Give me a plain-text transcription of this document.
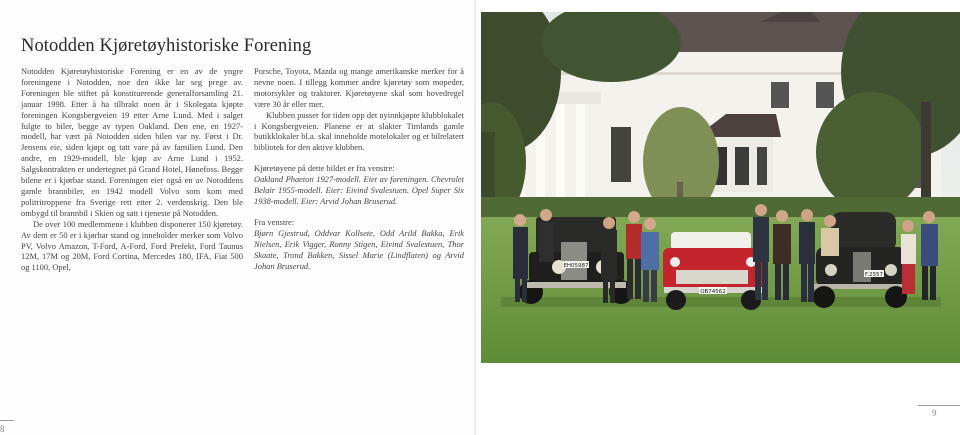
Notodden Kjøretøyhistoriske Forening

Notodden Kjøretøyhistoriske Forening er en av de yngre foreningene i Notodden, noe den ikke lar seg prege av. Foreningen ble stiftet på konstituerende generalforsamling 21. januar 1998. Etter å ha tilbrakt noen år i Skolegata kjøpte foreningen Kongsbergveien 19 etter Arne Lund. Med i salget fulgte to biler, begge av typen Oakland. Den ene, en 1927-modell, har vært på Notodden siden bilen var ny. Først i Dr. Jensens eie, siden kjøpt og tatt vare på av familien Lund. Den andre, en 1929-modell, ble kjøp av Arne Lund i 1952. Salgskontrakten er undertegnet på Grand Hotel, Hønefoss. Begge bilene er i kjørbar stand. Foreningen eier også en av Notoddens gamle brannbiler, en 1942 modell Volvo som kom med politritroppene fra Sverige rett etter 2. verdenskrig. Den ble ombygd til brannbil i Skien og satt i tjeneste på Notodden.

De over 100 medlemmene i klubben disponerer 150 kjøretøy. Av dem er 50 er i kjørbar stand og inneholder merker som Volvo PV, Volvo Amazon, T-Ford, A-Ford, Ford Prefekt, Ford Taunus 12M, 17M og 20M, Ford Cortina, Mercedes 180, IFA, Fiat 500 og 1100, Opel,

Porsche, Toyota, Mazda og mange amerikanske merker for å nevne noen. I tillegg kommer andre kjøretøy som mopeder, motorsykler og traktorer. Kjøretøyene skal som hovedregel være 30 år eller mer.

Klubben pusser for tiden opp det nyinnkjøpte klubblokalet i Kongsbergveien. Planene er at slakter Timlands gamle butikklokaler bl.a. skal inneholde motelokaler og et bilrelatert bibliotek for den aktive klubben.

Kjøretøyene på dette bildet er fra venstre:

Oakland Phaeton 1927-modell. Eiet av foreningen. Chevrolet Belair 1955-modell. Eier: Eivind Svalestuen. Opel Super Six 1938-modell. Eier: Arvid Johan Bruserud.

Fra venstre:

Bjørn Gjestrud, Oddvar Kollsete, Odd Arild Bakka, Erik Nielsen, Erik Vigger, Ronny Stigen, Eivind Svalestuen, Thor Skaate, Trond Bakken, Sissel Marie (Lindflaten) og Arvid Johan Bruserud.

8
EH05987
OB74562
F.2557
9
